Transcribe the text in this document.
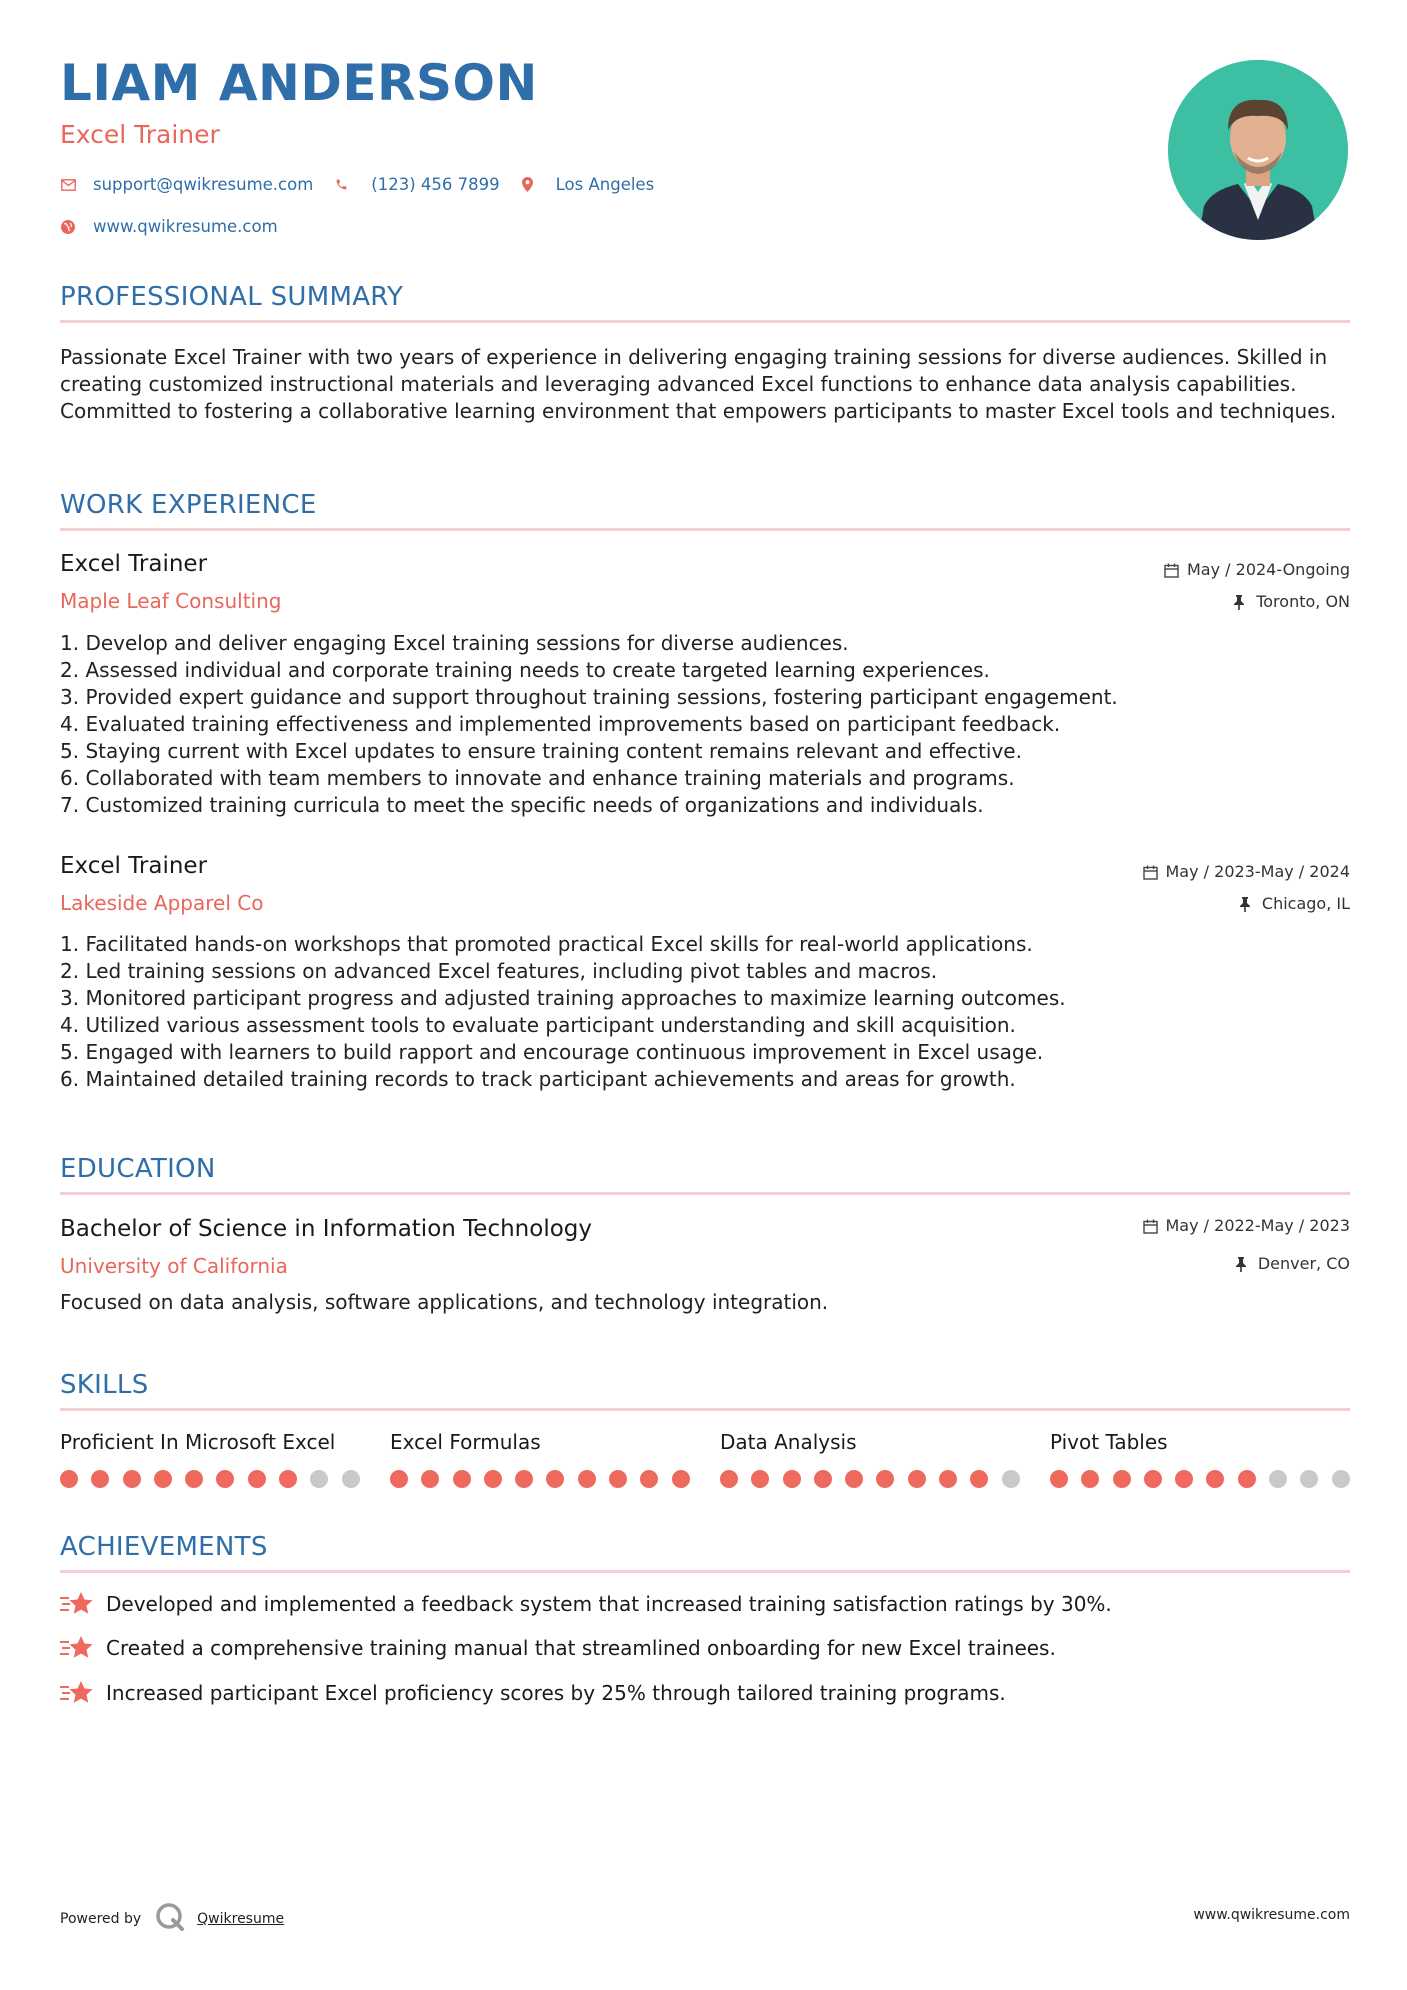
LIAM ANDERSON
Excel Trainer
support@qwikresume.com	(123) 456 7899	Los Angeles
www.qwikresume.com
PROFESSIONAL SUMMARY
Passionate Excel Trainer with two years of experience in delivering engaging training sessions for diverse audiences. Skilled in creating customized instructional materials and leveraging advanced Excel functions to enhance data analysis capabilities. Committed to fostering a collaborative learning environment that empowers participants to master Excel tools and techniques.
WORK EXPERIENCE
Excel Trainer
Maple Leaf Consulting
May / 2024-Ongoing
Toronto, ON
1. Develop and deliver engaging Excel training sessions for diverse audiences.
2. Assessed individual and corporate training needs to create targeted learning experiences.
3. Provided expert guidance and support throughout training sessions, fostering participant engagement.
4. Evaluated training effectiveness and implemented improvements based on participant feedback.
5. Staying current with Excel updates to ensure training content remains relevant and effective.
6. Collaborated with team members to innovate and enhance training materials and programs.
7. Customized training curricula to meet the specific needs of organizations and individuals.
Excel Trainer
Lakeside Apparel Co
May / 2023-May / 2024
Chicago, IL
1. Facilitated hands-on workshops that promoted practical Excel skills for real-world applications.
2. Led training sessions on advanced Excel features, including pivot tables and macros.
3. Monitored participant progress and adjusted training approaches to maximize learning outcomes.
4. Utilized various assessment tools to evaluate participant understanding and skill acquisition.
5. Engaged with learners to build rapport and encourage continuous improvement in Excel usage.
6. Maintained detailed training records to track participant achievements and areas for growth.
EDUCATION
Bachelor of Science in Information Technology
University of California
May / 2022-May / 2023
Denver, CO
Focused on data analysis, software applications, and technology integration.
SKILLS
Proficient In Microsoft Excel	Excel Formulas	Data Analysis	Pivot Tables
ACHIEVEMENTS
Developed and implemented a feedback system that increased training satisfaction ratings by 30%.
Created a comprehensive training manual that streamlined onboarding for new Excel trainees.
Increased participant Excel proficiency scores by 25% through tailored training programs.
Powered by	Qwikresume	www.qwikresume.com
